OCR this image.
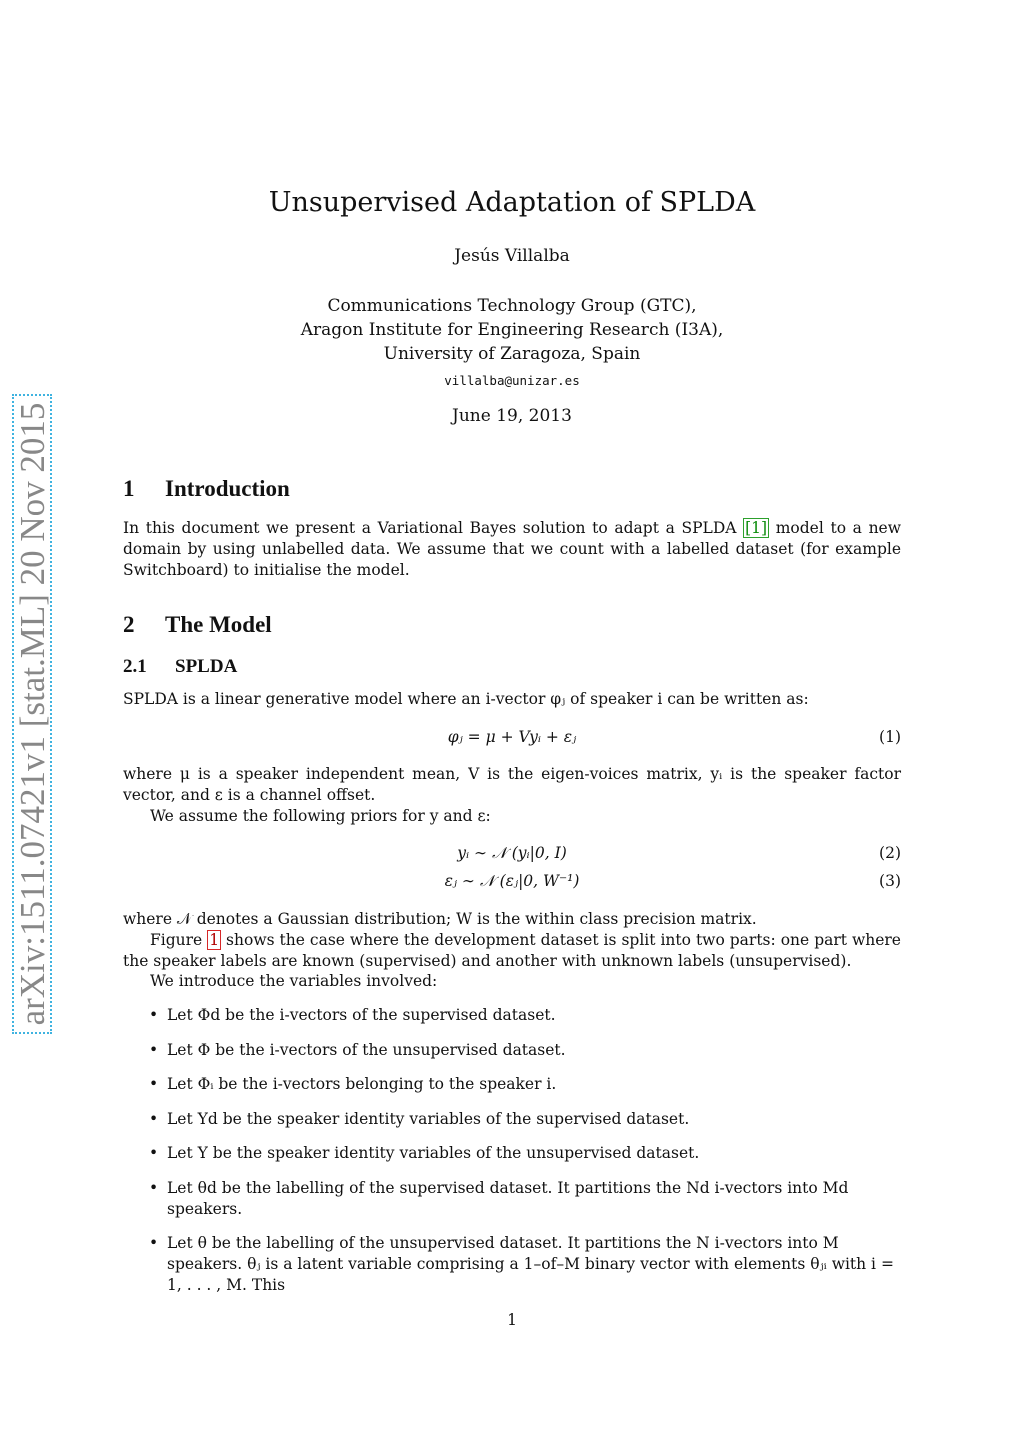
arXiv:1511.07421v1 [stat.ML] 20 Nov 2015
Unsupervised Adaptation of SPLDA
Jesús Villalba
Communications Technology Group (GTC),
Aragon Institute for Engineering Research (I3A),
University of Zaragoza, Spain
villalba@unizar.es
June 19, 2013
1 Introduction
In this document we present a Variational Bayes solution to adapt a SPLDA [1] model to a new domain by using unlabelled data. We assume that we count with a labelled dataset (for example Switchboard) to initialise the model.
2 The Model
2.1 SPLDA
SPLDA is a linear generative model where an i-vector φⱼ of speaker i can be written as:
φⱼ = μ + Vyᵢ + εⱼ	(1)
where μ is a speaker independent mean, V is the eigen-voices matrix, yᵢ is the speaker factor vector, and ε is a channel offset.
We assume the following priors for y and ε:
yᵢ ∼ 𝒩 (yᵢ|0, I)	(2)
εⱼ ∼ 𝒩 (εⱼ|0, W⁻¹)	(3)
where 𝒩 denotes a Gaussian distribution; W is the within class precision matrix.
Figure 1 shows the case where the development dataset is split into two parts: one part where the speaker labels are known (supervised) and another with unknown labels (unsupervised).
We introduce the variables involved:
• Let Φd be the i-vectors of the supervised dataset.
• Let Φ be the i-vectors of the unsupervised dataset.
• Let Φᵢ be the i-vectors belonging to the speaker i.
• Let Yd be the speaker identity variables of the supervised dataset.
• Let Y be the speaker identity variables of the unsupervised dataset.
• Let θd be the labelling of the supervised dataset. It partitions the Nd i-vectors into Md speakers.
• Let θ be the labelling of the unsupervised dataset. It partitions the N i-vectors into M speakers. θⱼ is a latent variable comprising a 1–of–M binary vector with elements θⱼᵢ with i = 1, . . . , M. This
1
